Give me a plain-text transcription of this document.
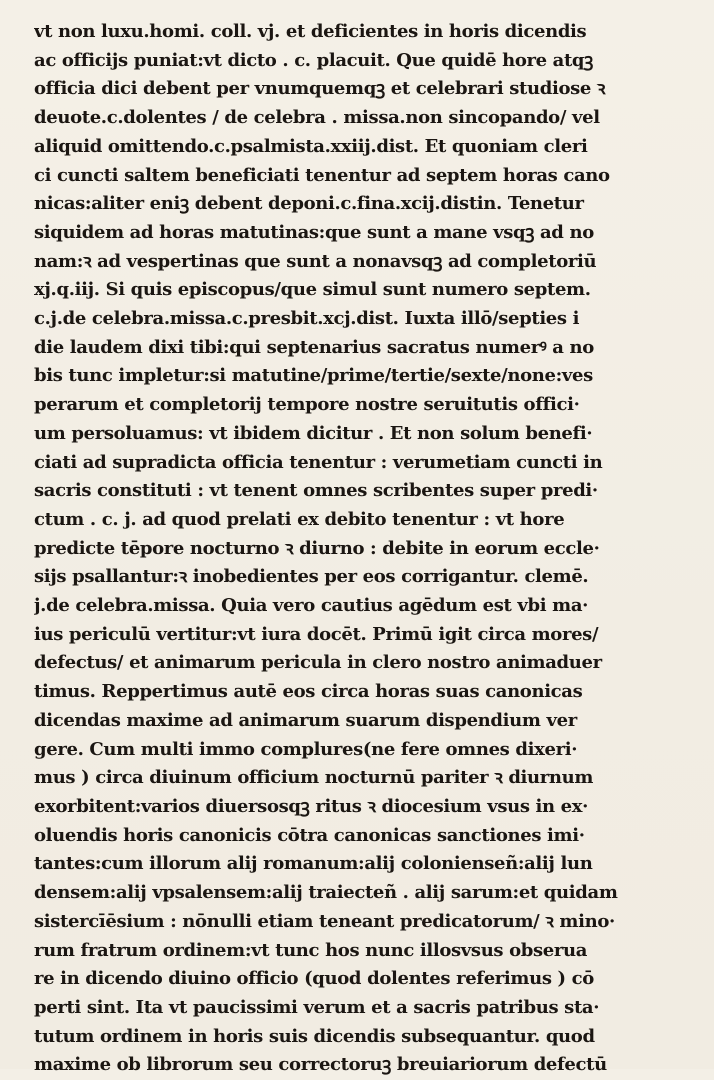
vt non luxu.homi. coll. vj. et deficientes in horis dicendis
ac officijs puniat:vt dicto . c. placuit. Que quidē hore atqꝫ
officia dici debent per vnumquemqꝫ et celebrari studiose ꝛ
deuote.c.dolentes / de celebra . missa.non sincopando/ vel
aliquid omittendo.c.psalmista.xxiij.dist. Et quoniam cleri
ci cuncti saltem beneficiati tenentur ad septem horas cano
nicas:aliter eniꝫ debent deponi.c.fina.xcij.distin. Tenetur
siquidem ad horas matutinas:que sunt a mane vsqꝫ ad no
nam:ꝛ ad vespertinas que sunt a nonavsqꝫ ad completoriū
xj.q.iij. Si quis episcopus/que simul sunt numero septem.
c.j.de celebra.missa.c.presbit.xcj.dist. Iuxta illō/septies i
die laudem dixi tibi:qui septenarius sacratus numerꝰ a no
bis tunc impletur:si matutine/prime/tertie/sexte/none:ves
perarum et completorij tempore nostre seruitutis offici·
um persoluamus: vt ibidem dicitur . Et non solum benefi·
ciati ad supradicta officia tenentur : verumetiam cuncti in
sacris constituti : vt tenent omnes scribentes super predi·
ctum . c. j. ad quod prelati ex debito tenentur : vt hore
predicte tēpore nocturno ꝛ diurno : debite in eorum eccle·
sijs psallantur:ꝛ inobedientes per eos corrigantur. clemē.
j.de celebra.missa. Quia vero cautius agēdum est vbi ma·
ius periculū vertitur:vt iura docēt. Primū igit circa mores/
defectus/ et animarum pericula in clero nostro animaduer
timus. Reppertimus autē eos circa horas suas canonicas
dicendas maxime ad animarum suarum dispendium ver
gere. Cum multi immo complures(ne fere omnes dixeri·
mus ) circa diuinum officium nocturnū pariter ꝛ diurnum
exorbitent:varios diuersosqꝫ ritus ꝛ diocesium vsus in ex·
oluendis horis canonicis cōtra canonicas sanctiones imi·
tantes:cum illorum alij romanum:alij colonienseñ:alij lun
densem:alij vpsalensem:alij traiecteñ . alij sarum:et quidam
sistercīēsium : nōnulli etiam teneant predicatorum/ ꝛ mino·
rum fratrum ordinem:vt tunc hos nunc illosvsus obserua
re in dicendo diuino officio (quod dolentes referimus ) cō
perti sint. Ita vt paucissimi verum et a sacris patribus sta·
tutum ordinem in horis suis dicendis subsequantur. quod
maxime ob librorum seu correctoruꝫ breuiariorum defectū
